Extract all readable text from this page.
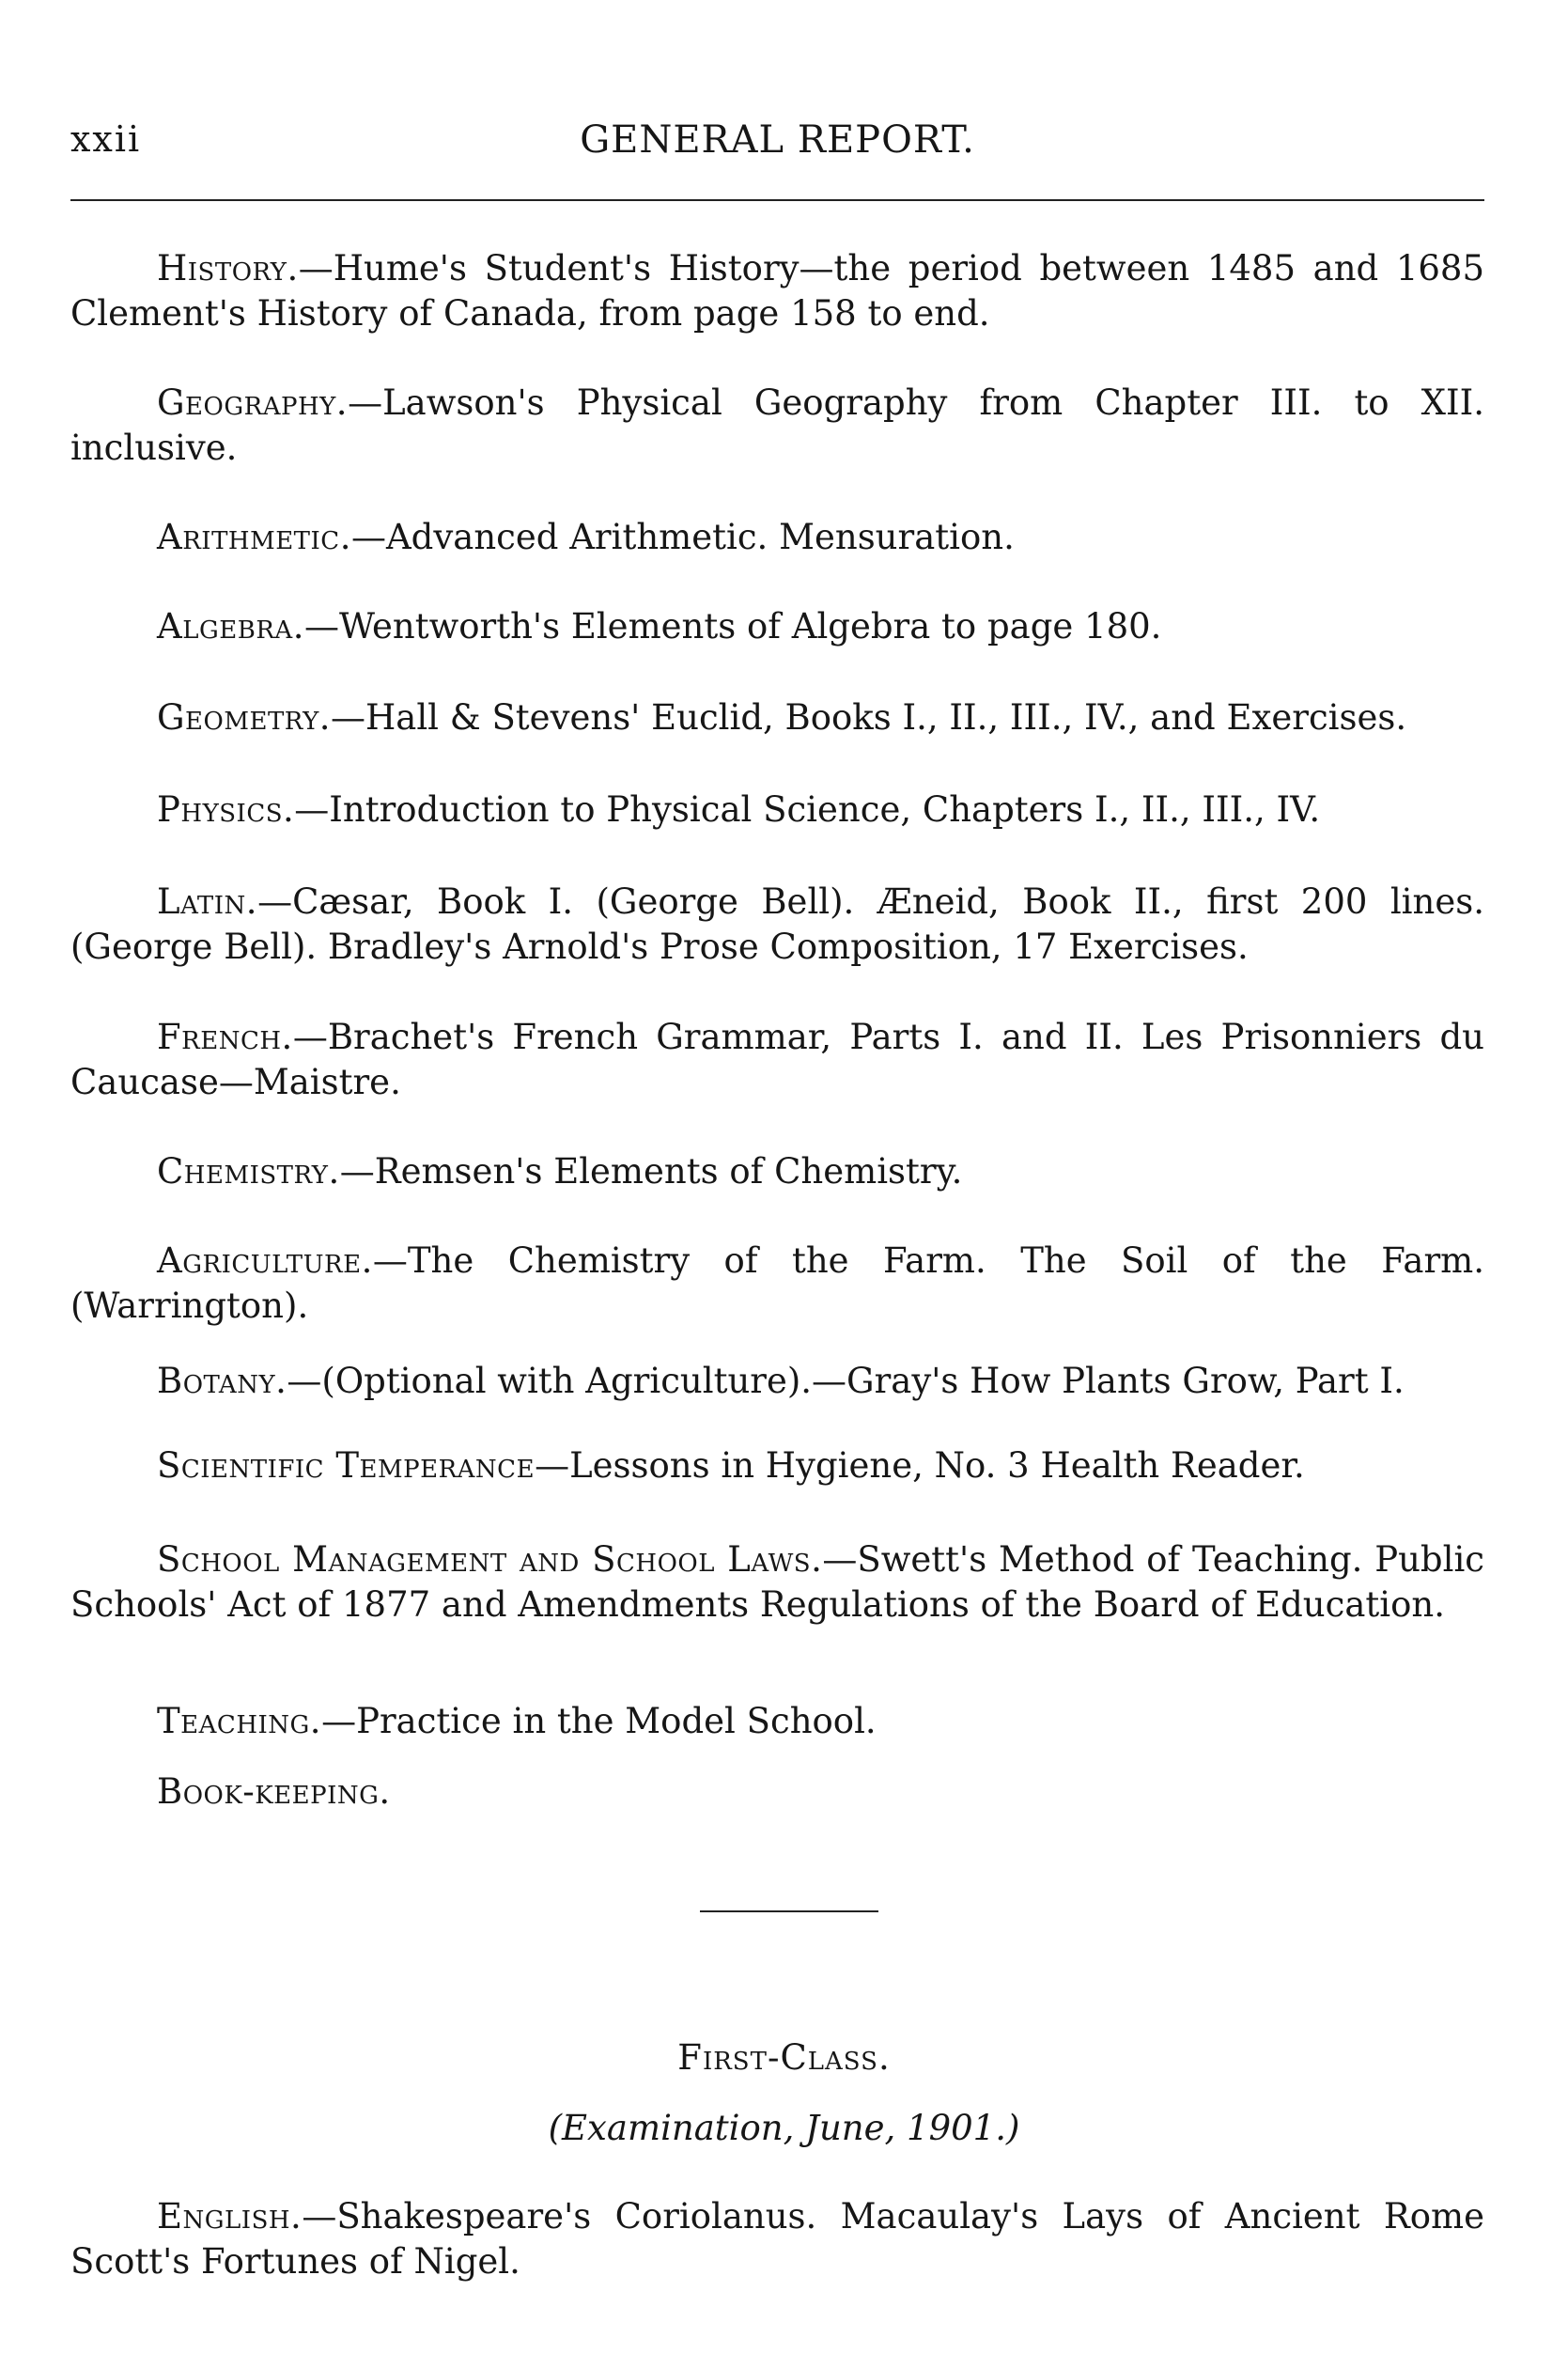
xxii	GENERAL REPORT.

History.—Hume's Student's History—the period between 1485 and 1685 Clement's History of Canada, from page 158 to end.

Geography.—Lawson's Physical Geography from Chapter III. to XII. inclusive.

Arithmetic.—Advanced Arithmetic. Mensuration.

Algebra.—Wentworth's Elements of Algebra to page 180.

Geometry.—Hall & Stevens' Euclid, Books I., II., III., IV., and Exercises.

Physics.—Introduction to Physical Science, Chapters I., II., III., IV.

Latin.—Cæsar, Book I. (George Bell). Æneid, Book II., first 200 lines. (George Bell). Bradley's Arnold's Prose Composition, 17 Exercises.

French.—Brachet's French Grammar, Parts I. and II. Les Prisonniers du Caucase—Maistre.

Chemistry.—Remsen's Elements of Chemistry.

Agriculture.—The Chemistry of the Farm. The Soil of the Farm. (Warrington).

Botany.—(Optional with Agriculture).—Gray's How Plants Grow, Part I.

Scientific Temperance—Lessons in Hygiene, No. 3 Health Reader.

School Management and School Laws.—Swett's Method of Teaching. Public Schools' Act of 1877 and Amendments Regulations of the Board of Education.

Teaching.—Practice in the Model School.

Book-keeping.

First-Class.
(Examination, June, 1901.)

English.—Shakespeare's Coriolanus. Macaulay's Lays of Ancient Rome Scott's Fortunes of Nigel.
